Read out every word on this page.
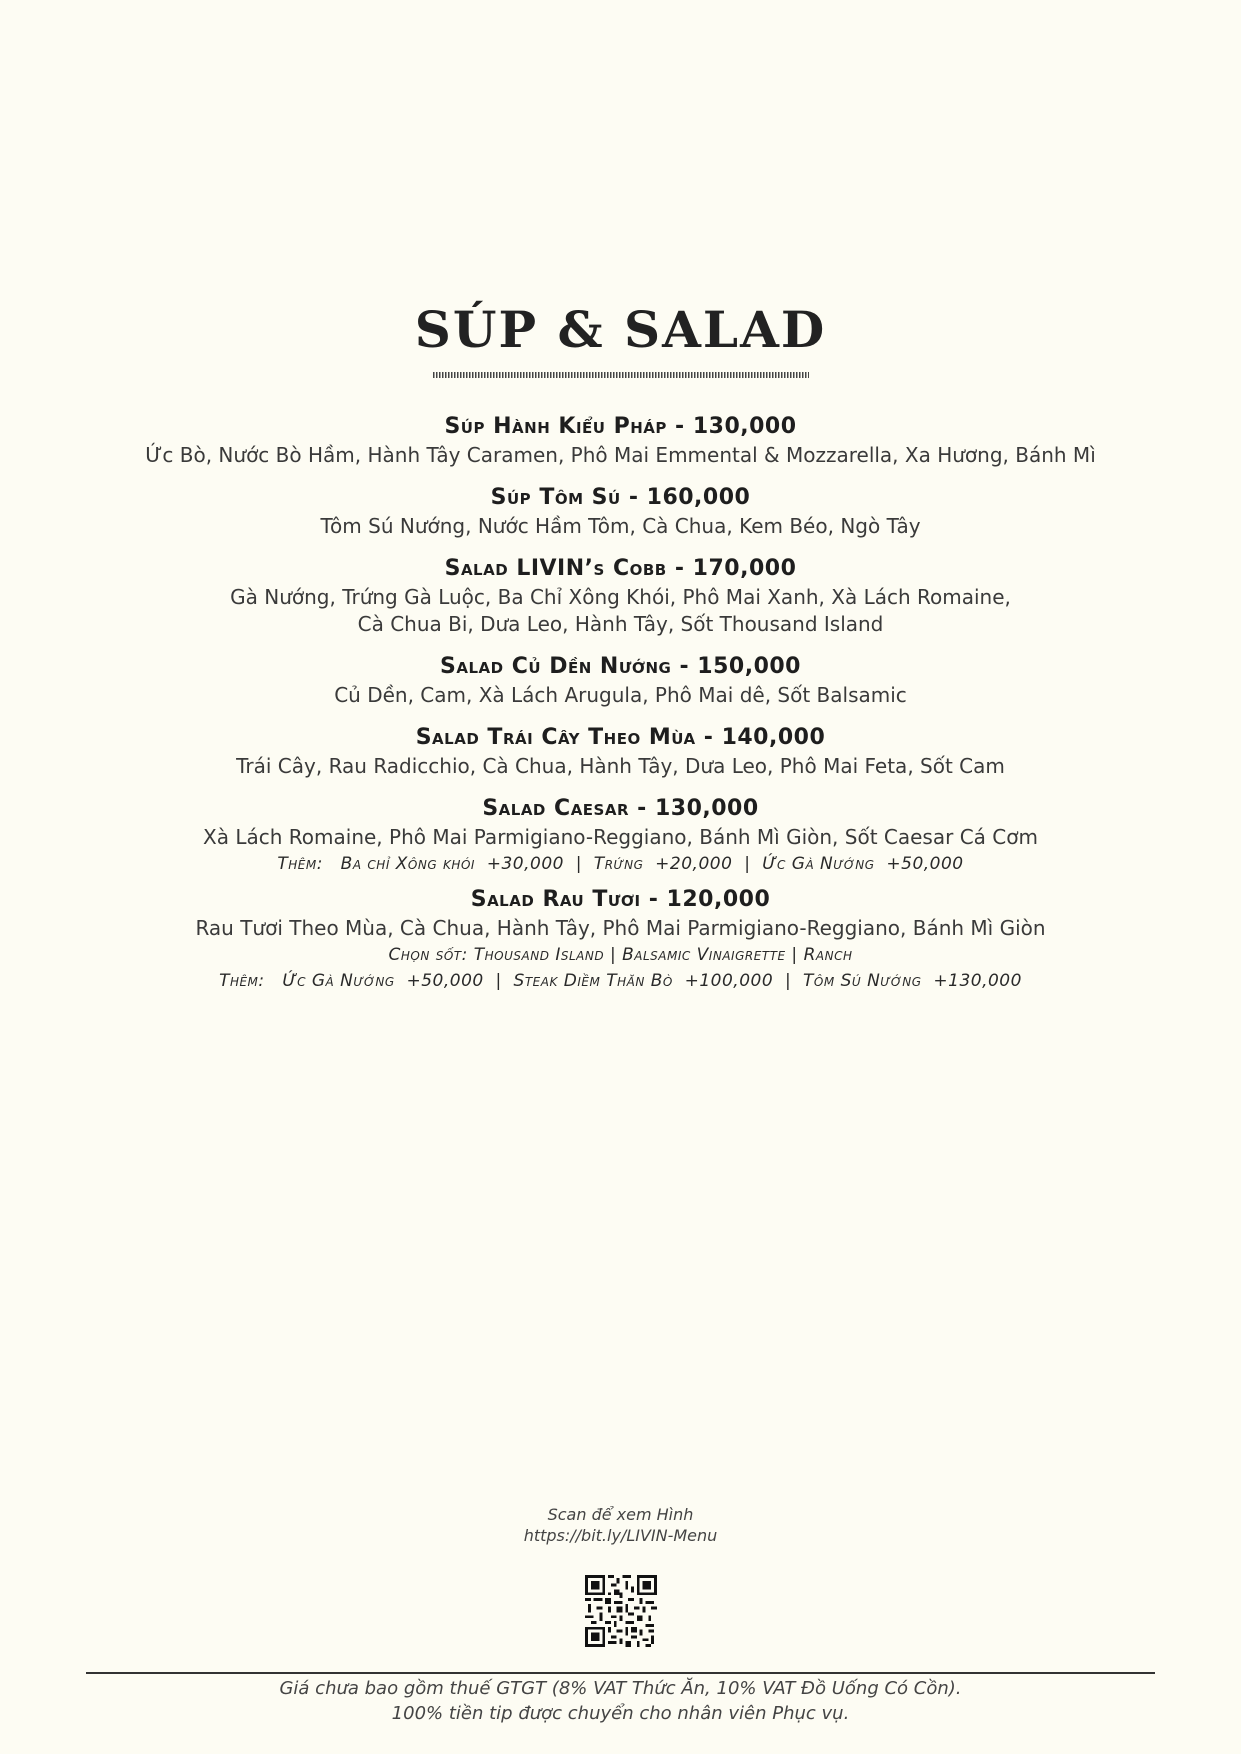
SÚP & SALAD
Súp Hành Kiểu Pháp - 130,000
Ức Bò, Nước Bò Hầm, Hành Tây Caramen, Phô Mai Emmental & Mozzarella, Xa Hương, Bánh Mì
Súp Tôm Sú - 160,000
Tôm Sú Nướng, Nước Hầm Tôm, Cà Chua, Kem Béo, Ngò Tây
Salad LIVIN’s Cobb - 170,000
Gà Nướng, Trứng Gà Luộc, Ba Chỉ Xông Khói, Phô Mai Xanh, Xà Lách Romaine,
Cà Chua Bi, Dưa Leo, Hành Tây, Sốt Thousand Island
Salad Củ Dền Nướng - 150,000
Củ Dền, Cam, Xà Lách Arugula, Phô Mai dê, Sốt Balsamic
Salad Trái Cây Theo Mùa - 140,000
Trái Cây, Rau Radicchio, Cà Chua, Hành Tây, Dưa Leo, Phô Mai Feta, Sốt Cam
Salad Caesar - 130,000
Xà Lách Romaine, Phô Mai Parmigiano-Reggiano, Bánh Mì Giòn, Sốt Caesar Cá Cơm
Thêm:   Ba chỉ Xông khói  +30,000  |  Trứng  +20,000  |  Ức Gà Nướng  +50,000
Salad Rau Tươi - 120,000
Rau Tươi Theo Mùa, Cà Chua, Hành Tây, Phô Mai Parmigiano-Reggiano, Bánh Mì Giòn
Chọn sốt: Thousand Island | Balsamic Vinaigrette | Ranch
Thêm:   Ức Gà Nướng  +50,000  |  Steak Diềm Thăn Bò  +100,000  |  Tôm Sú Nướng  +130,000
Scan để xem Hình
https://bit.ly/LIVIN-Menu
Giá chưa bao gồm thuế GTGT (8% VAT Thức Ăn, 10% VAT Đồ Uống Có Cồn).
100% tiền tip được chuyển cho nhân viên Phục vụ.
